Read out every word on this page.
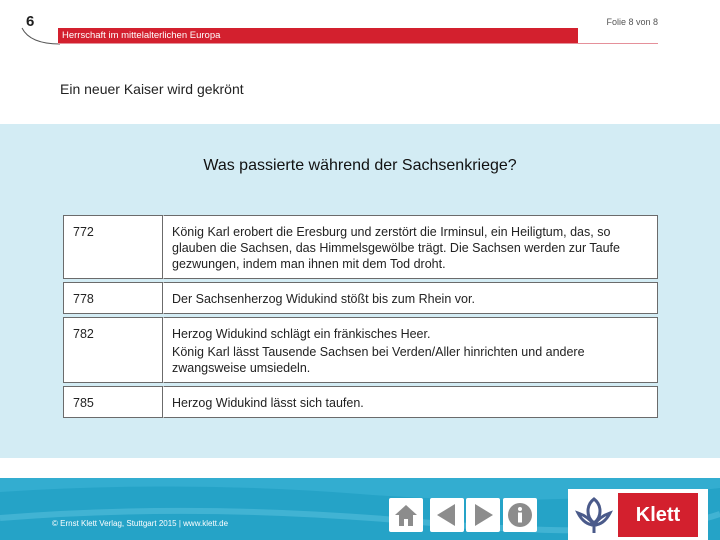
6	Folie 8 von 8
Herrschaft im mittelalterlichen Europa
Ein neuer Kaiser wird gekrönt
Was passierte während der Sachsenkriege?
772	König Karl erobert die Eresburg und zerstört die Irminsul, ein Heiligtum, das, so glauben die Sachsen, das Himmelsgewölbe trägt. Die Sachsen werden zur Taufe gezwungen, indem man ihnen mit dem Tod droht.

778	Der Sachsenherzog Widukind stößt bis zum Rhein vor.

782	Herzog Widukind schlägt ein fränkisches Heer.
König Karl lässt Tausende Sachsen bei Verden/Aller hinrichten und andere zwangsweise umsiedeln.

785	Herzog Widukind lässt sich taufen.
© Ernst Klett Verlag, Stuttgart 2015 | www.klett.de	Klett
